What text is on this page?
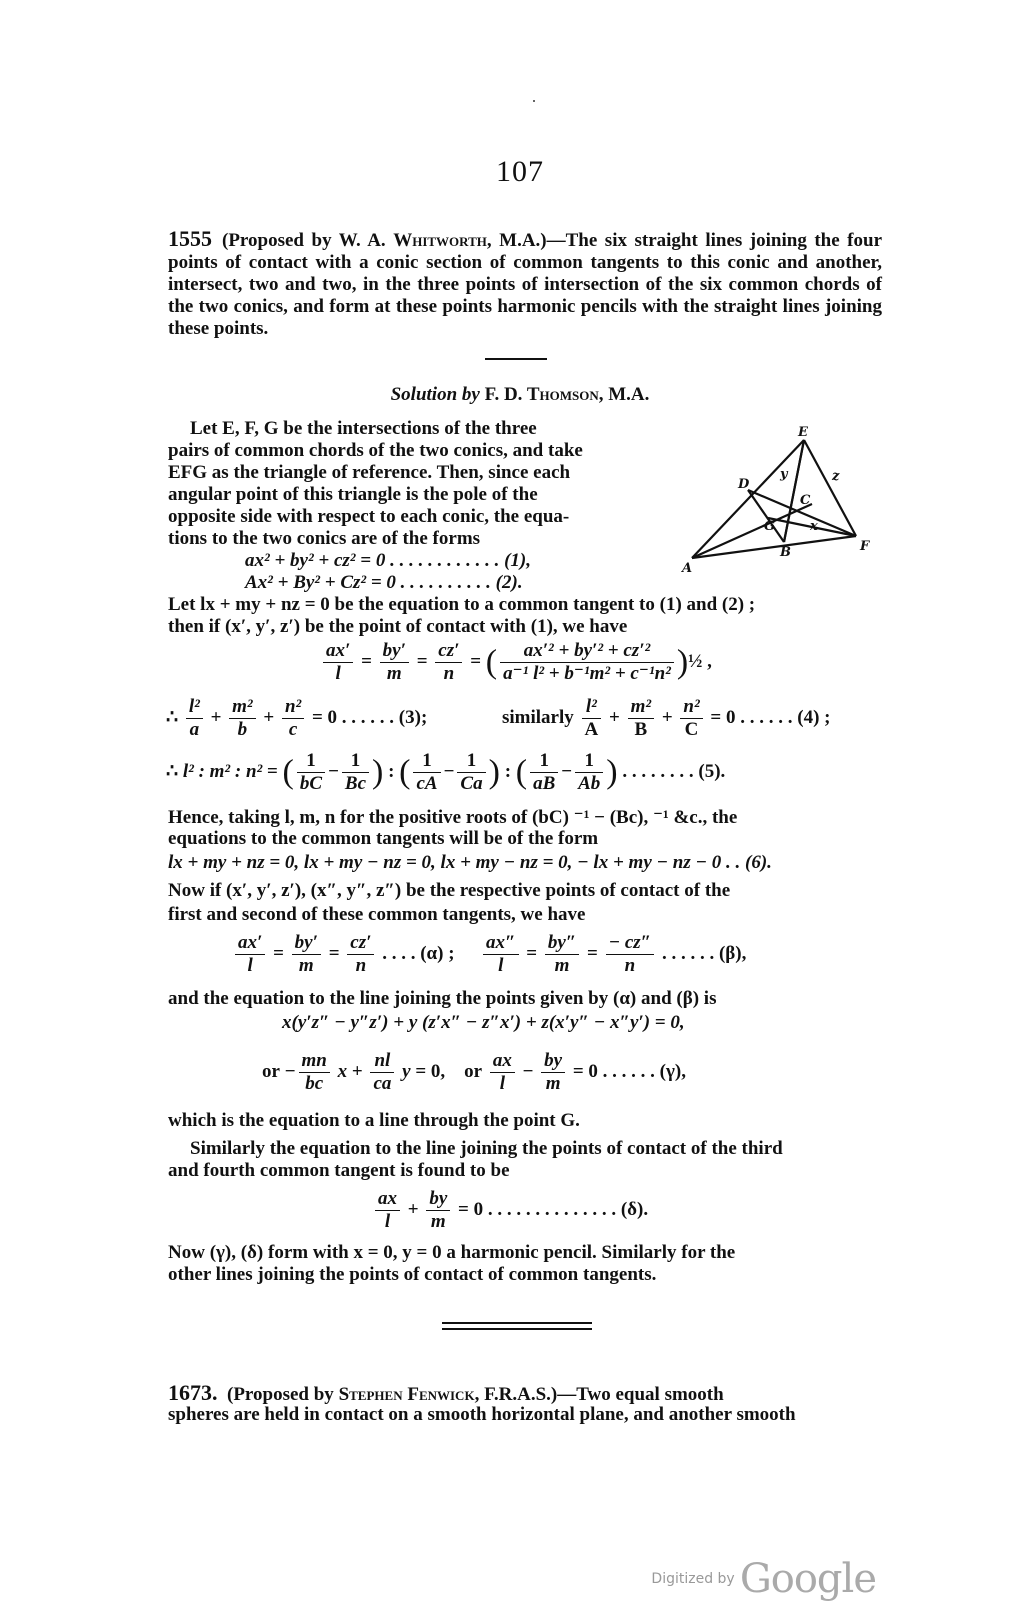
107
1555 (Proposed by W. A. Whitworth, M.A.)—The six straight lines joining the four points of contact with a conic section of common tangents to this conic and another, intersect, two and two, in the three points of intersection of the six common chords of the two conics, and form at these points harmonic pencils with the straight lines joining these points.
Solution by F. D. Thomson, M.A.
Let E, F, G be the intersections of the three
pairs of common chords of the two conics, and take
EFG as the triangle of reference. Then, since each
angular point of this triangle is the pole of the
opposite side with respect to each conic, the equa-
tions to the two conics are of the forms
ax² + by² + cz² = 0 . . . . . . . . . . . . (1),
Ax² + By² + Cz² = 0 . . . . . . . . . . (2).
E
z
D
y
C
G	x
A
B	F
Let lx + my + nz = 0 be the equation to a common tangent to (1) and (2) ;
then if (x′, y′, z′) be the point of contact with (1), we have
$\frac{ax'}{l} = \frac{by'}{m} = \frac{cz'}{n}$ = ( $\frac{\text{ax′² + by′² + cz′²}}{\text{a⁻¹ l² + b⁻¹m² + c⁻¹n²}}$ )½ ,
∴ $\frac{\text{l²}}{a} + \frac{\text{m²}}{b} + \frac{\text{n²}}{c} = 0$ . . . . . . (3);	similarly $\frac{\text{l²}}{A} + \frac{\text{m²}}{B} + \frac{\text{n²}}{C} = 0$ . . . . . . (4) ;
∴ l² : m² : n² = ( $\frac{1}{bC} - \frac{1}{Bc}$ ) : ( $\frac{1}{cA} - \frac{1}{Ca}$ ) : ( $\frac{1}{aB} - \frac{1}{Ab}$ ) . . . . . . . . (5).
Hence, taking l, m, n for the positive roots of (bC) ⁻¹ − (Bc), ⁻¹ &c., the
equations to the common tangents will be of the form
lx + my + nz = 0, lx + my − nz = 0, lx + my − nz = 0, − lx + my − nz − 0 . . (6).
Now if (x′, y′, z′), (x″, y″, z″) be the respective points of contact of the
first and second of these common tangents, we have
$\frac{ax'}{l} = \frac{by'}{m} = \frac{cz'}{n}$ . . . . (α) ; $\frac{ax''}{l} = \frac{by''}{m} = \frac{- cz''}{n}$ . . . . . . (β),
and the equation to the line joining the points given by (α) and (β) is
x(y′z″ − y″z′) + y (z′x″ − z″x′) + z(x′y″ − x″y′) = 0,
or − $\frac{mn}{bc}$ $x + \frac{nl}{ca}$ y = 0, or $\frac{ax}{l} - \frac{by}{m} = 0$ . . . . . . (γ),
which is the equation to a line through the point G.
Similarly the equation to the line joining the points of contact of the third
and fourth common tangent is found to be
$\frac{ax}{l} + \frac{by}{m} = 0$ . . . . . . . . . . . . . . (δ).
Now (γ), (δ) form with x = 0, y = 0 a harmonic pencil. Similarly for the
other lines joining the points of contact of common tangents.
1673. (Proposed by Stephen Fenwick, F.R.A.S.)—Two equal smooth
spheres are held in contact on a smooth horizontal plane, and another smooth
Digitized by Google
